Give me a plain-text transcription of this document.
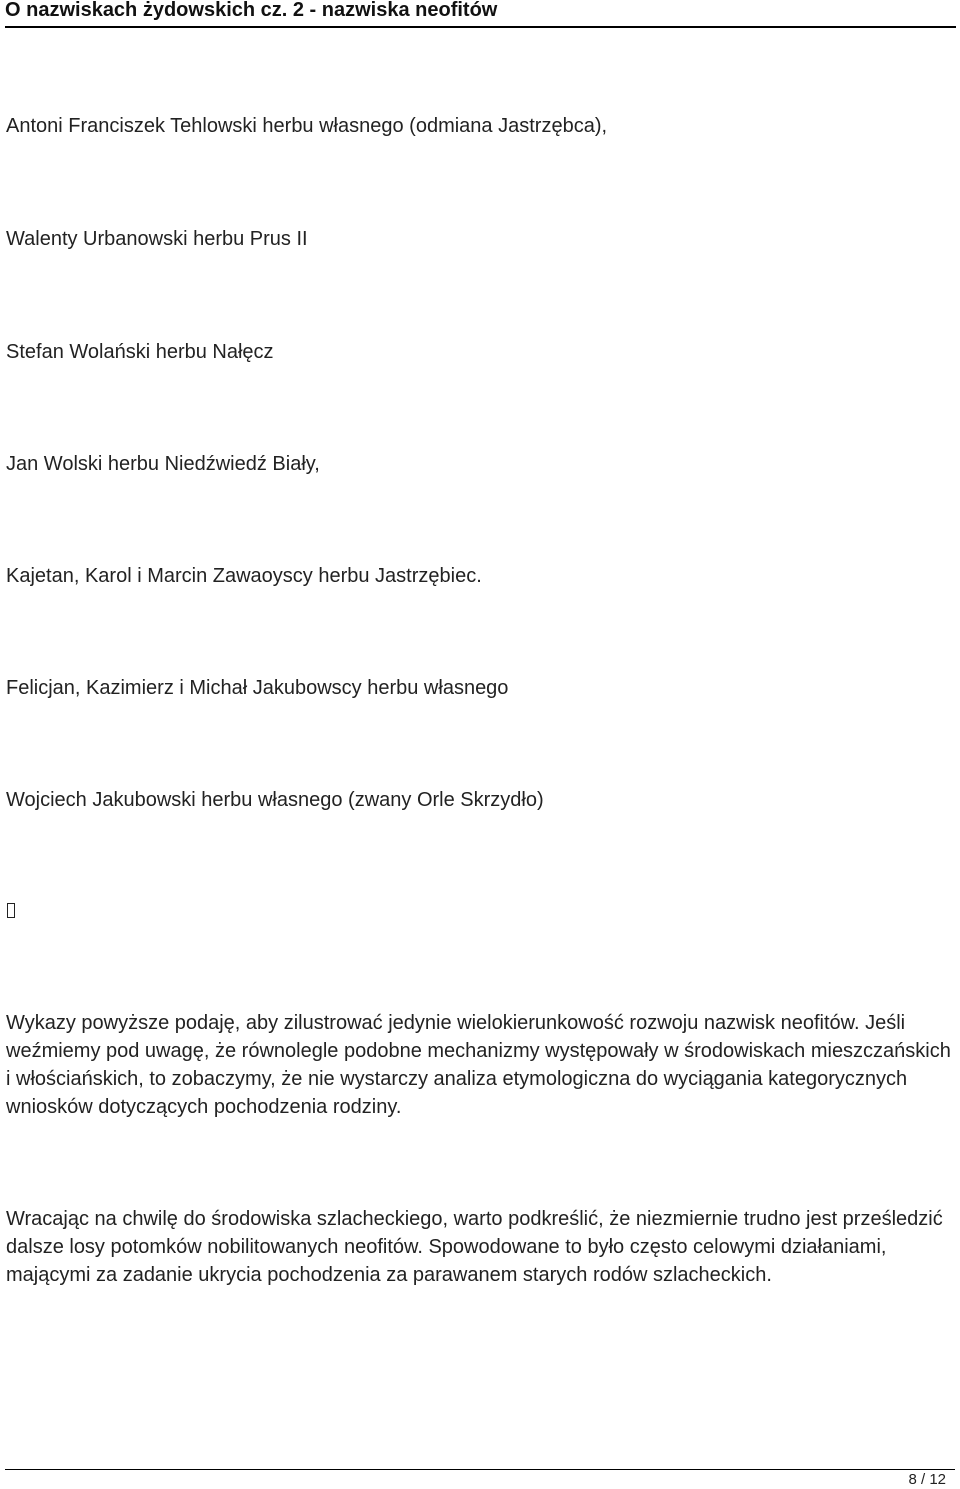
O nazwiskach żydowskich cz. 2 - nazwiska neofitów
Antoni Franciszek Tehlowski herbu własnego (odmiana Jastrzębca),
Walenty Urbanowski herbu Prus II
Stefan Wolański herbu Nałęcz
Jan Wolski herbu Niedźwiedź Biały,
Kajetan, Karol i Marcin Zawaoyscy herbu Jastrzębiec.
Felicjan, Kazimierz i Michał Jakubowscy herbu własnego
Wojciech Jakubowski herbu własnego (zwany Orle Skrzydło)

Wykazy powyższe podaję, aby zilustrować jedynie wielokierunkowość rozwoju nazwisk neofitów. Jeśli weźmiemy pod uwagę, że równolegle podobne mechanizmy występowały w środowiskach mieszczańskich i włościańskich, to zobaczymy, że nie wystarczy analiza etymologiczna do wyciągania kategorycznych wniosków dotyczących pochodzenia rodziny.

Wracając na chwilę do środowiska szlacheckiego, warto podkreślić, że niezmiernie trudno jest prześledzić dalsze losy potomków nobilitowanych neofitów. Spowodowane to było często celowymi działaniami, mającymi za zadanie ukrycia pochodzenia za parawanem starych rodów szlacheckich.

8 / 12
